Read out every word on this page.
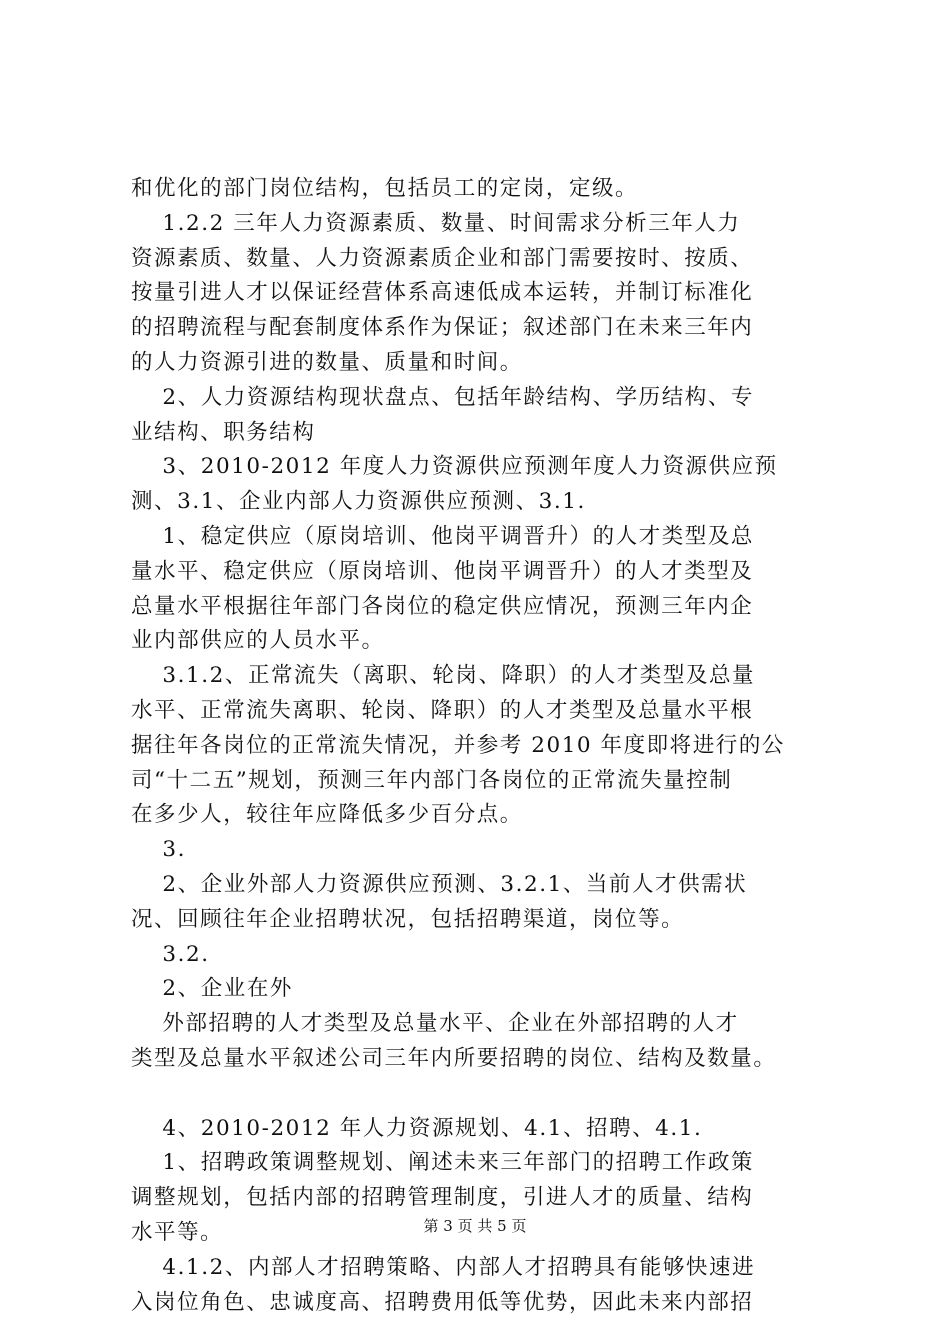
和优化的部门岗位结构，包括员工的定岗，定级。
　 1.2.2 三年人力资源素质、数量、时间需求分析三年人力
资源素质、数量、人力资源素质企业和部门需要按时、按质、
按量引进人才以保证经营体系高速低成本运转，并制订标准化
的招聘流程与配套制度体系作为保证；叙述部门在未来三年内
的人力资源引进的数量、质量和时间。
　 2、人力资源结构现状盘点、包括年龄结构、学历结构、专
业结构、职务结构
　 3、2010-2012 年度人力资源供应预测年度人力资源供应预
测、3.1、企业内部人力资源供应预测、3.1.
　 1、稳定供应（原岗培训、他岗平调晋升）的人才类型及总
量水平、稳定供应（原岗培训、他岗平调晋升）的人才类型及
总量水平根据往年部门各岗位的稳定供应情况，预测三年内企
业内部供应的人员水平。
　 3.1.2、正常流失（离职、轮岗、降职）的人才类型及总量
水平、正常流失离职、轮岗、降职）的人才类型及总量水平根
据往年各岗位的正常流失情况，并参考 2010 年度即将进行的公
司“十二五”规划，预测三年内部门各岗位的正常流失量控制
在多少人，较往年应降低多少百分点。
　 3.
　 2、企业外部人力资源供应预测、3.2.1、当前人才供需状
况、回顾往年企业招聘状况，包括招聘渠道，岗位等。
　 3.2.
　 2、企业在外
　 外部招聘的人才类型及总量水平、企业在外部招聘的人才
类型及总量水平叙述公司三年内所要招聘的岗位、结构及数量。
　 4、2010-2012 年人力资源规划、4.1、招聘、4.1.
　 1、招聘政策调整规划、阐述未来三年部门的招聘工作政策
调整规划，包括内部的招聘管理制度，引进人才的质量、结构
水平等。
　 4.1.2、内部人才招聘策略、内部人才招聘具有能够快速进
入岗位角色、忠诚度高、招聘费用低等优势，因此未来内部招
第 3 页 共 5 页
